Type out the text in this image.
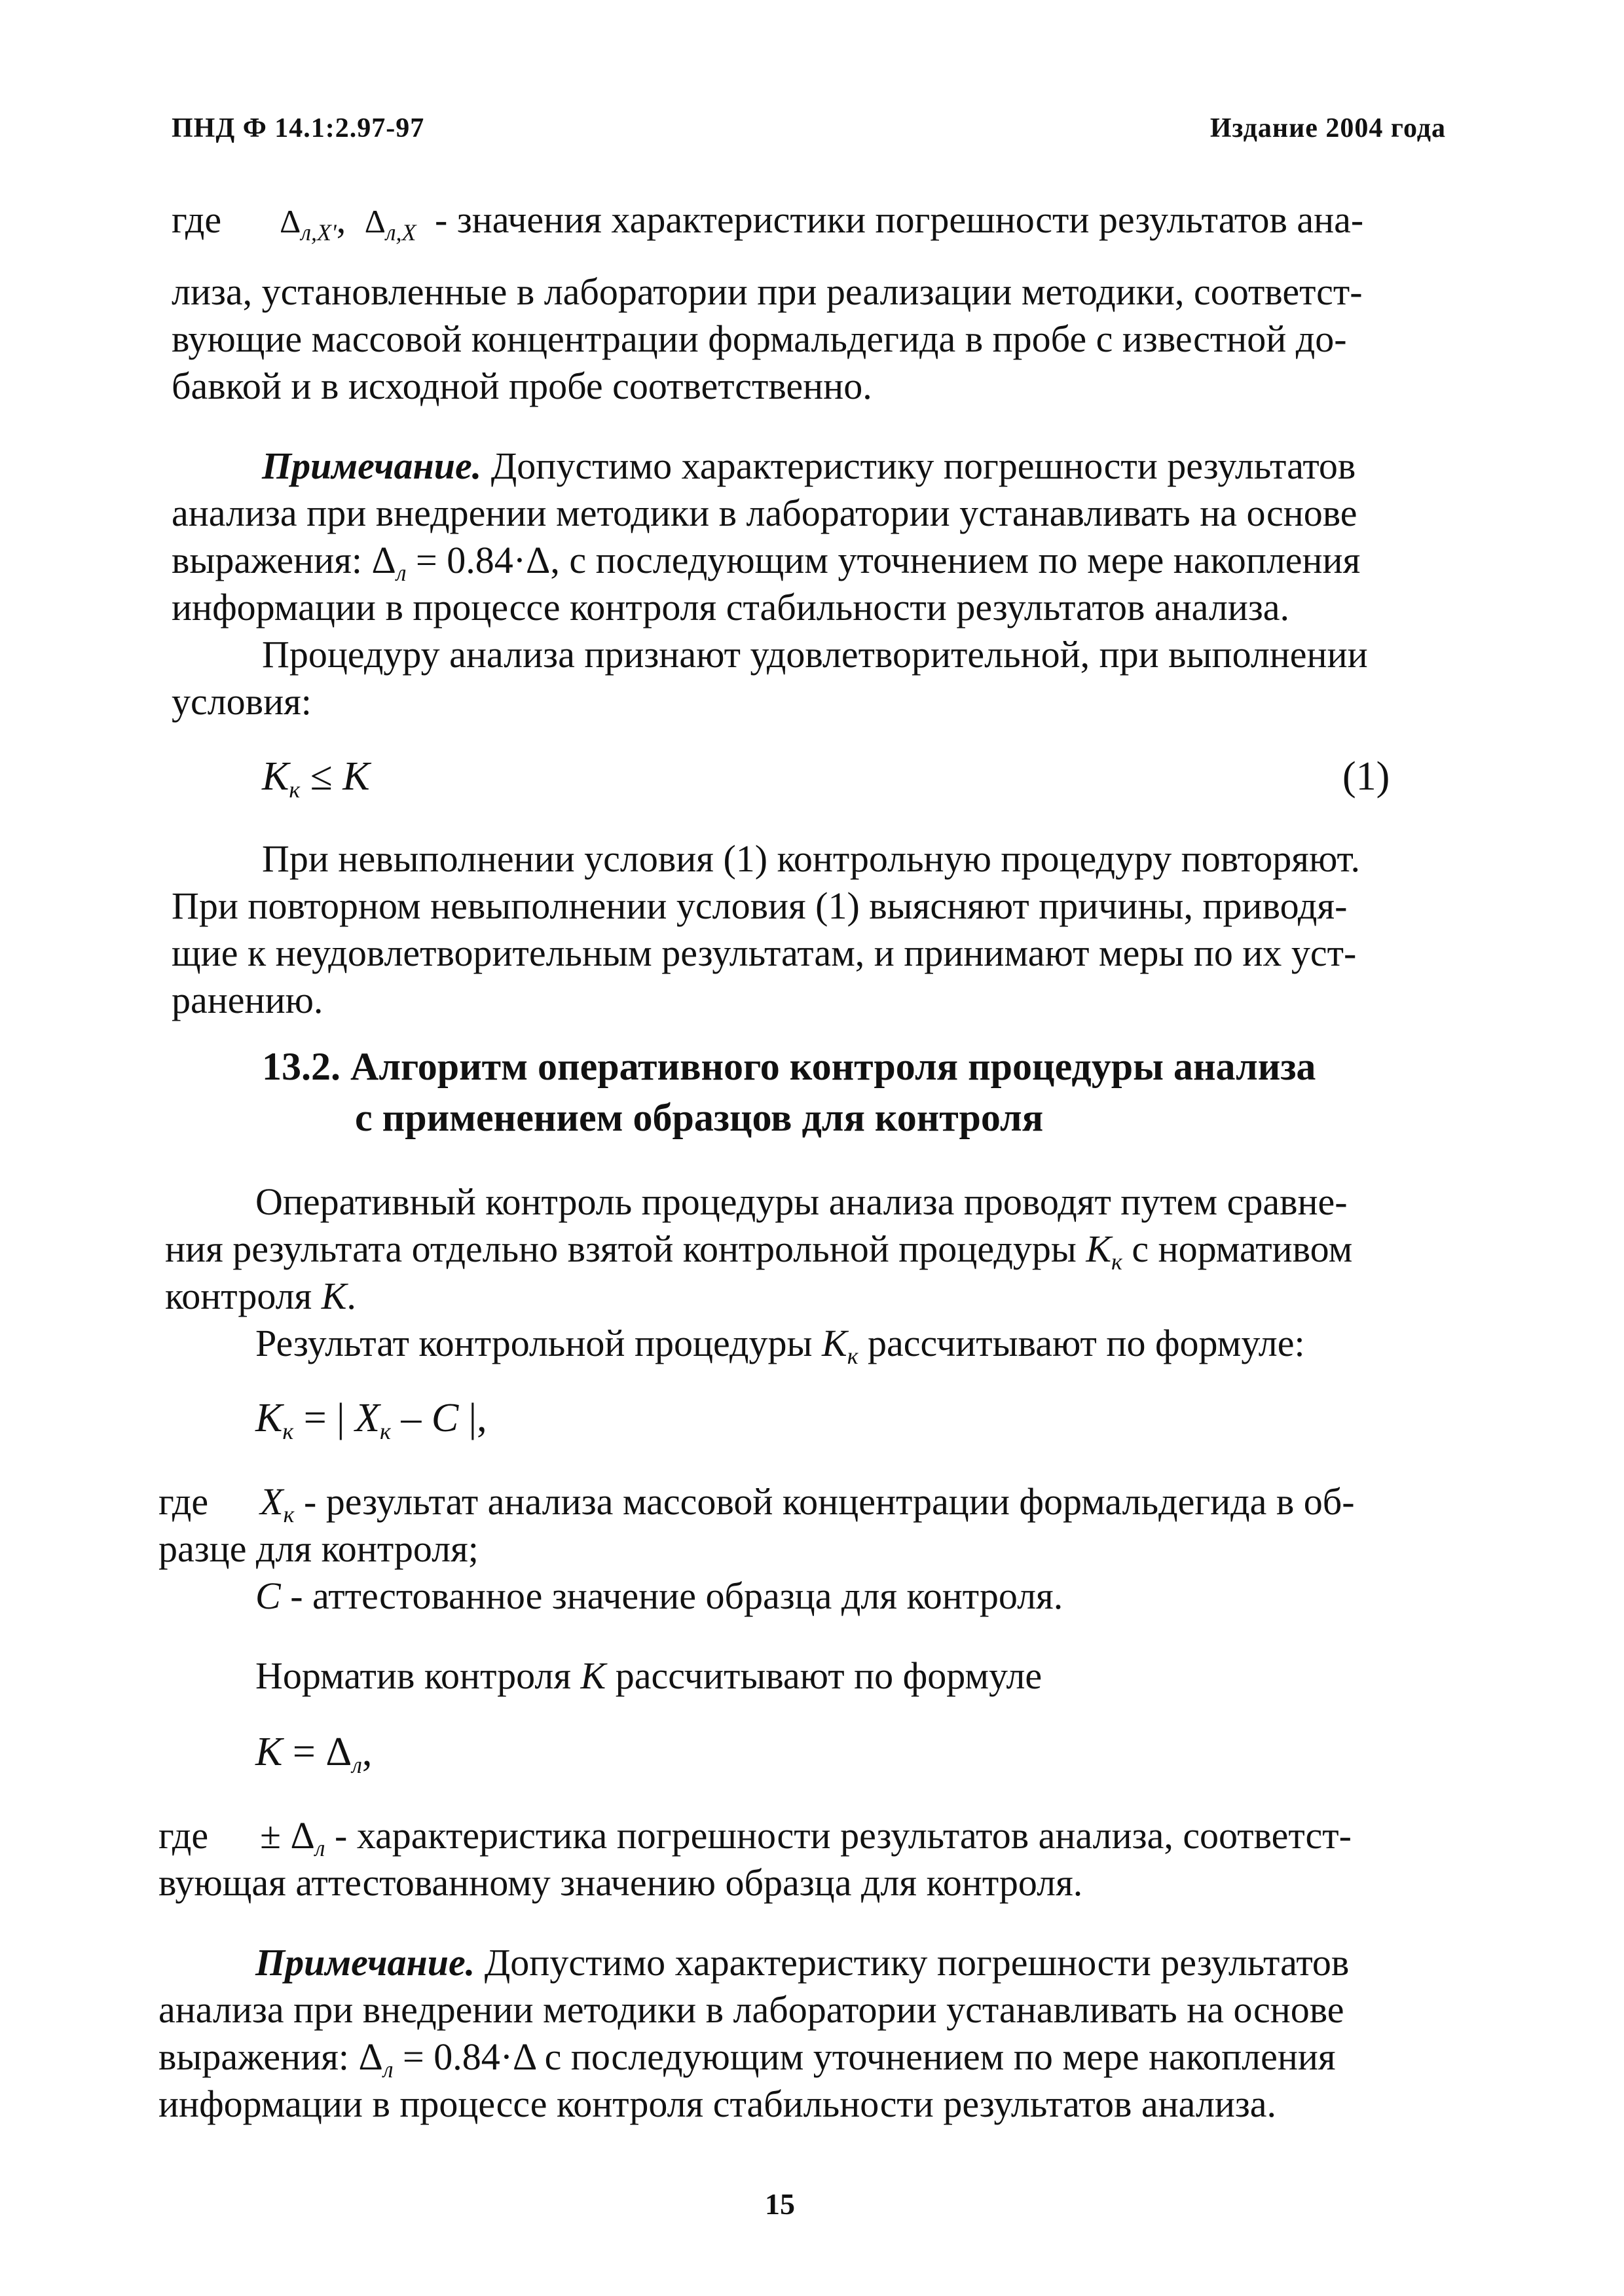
ПНД Ф 14.1:2.97-97	Издание 2004 года
где $\Delta_{л,X'}$, $\Delta_{л,X}$ - значения характеристики погрешности результатов ана-
лиза, установленные в лаборатории при реализации методики, соответст-
вующие массовой концентрации формальдегида в пробе с известной до-
бавкой и в исходной пробе соответственно.
Примечание. Допустимо характеристику погрешности результатов
анализа при внедрении методики в лаборатории устанавливать на основе
выражения: $\Delta_л = 0.84\cdot\Delta$, с последующим уточнением по мере накопления
информации в процессе контроля стабильности результатов анализа.
Процедуру анализа признают удовлетворительной, при выполнении
условия:
$K_к \le K$	(1)
При невыполнении условия (1) контрольную процедуру повторяют.
При повторном невыполнении условия (1) выясняют причины, приводя-
щие к неудовлетворительным результатам, и принимают меры по их уст-
ранению.
13.2. Алгоритм оперативного контроля процедуры анализа
с применением образцов для контроля
Оперативный контроль процедуры анализа проводят путем сравне-
ния результата отдельно взятой контрольной процедуры $K_к$ с нормативом
контроля K.
Результат контрольной процедуры $K_к$ рассчитывают по формуле:
$K_к$ = | $X_к$ – C |,
где $X_к$ - результат анализа массовой концентрации формальдегида в об-
разце для контроля;
C - аттестованное значение образца для контроля.
Норматив контроля K рассчитывают по формуле
$K = \Delta_л$,
где ± $\Delta_л$ - характеристика погрешности результатов анализа, соответст-
вующая аттестованному значению образца для контроля.
Примечание. Допустимо характеристику погрешности результатов
анализа при внедрении методики в лаборатории устанавливать на основе
выражения: $\Delta_л = 0.84\cdot\Delta$ с последующим уточнением по мере накопления
информации в процессе контроля стабильности результатов анализа.
15
